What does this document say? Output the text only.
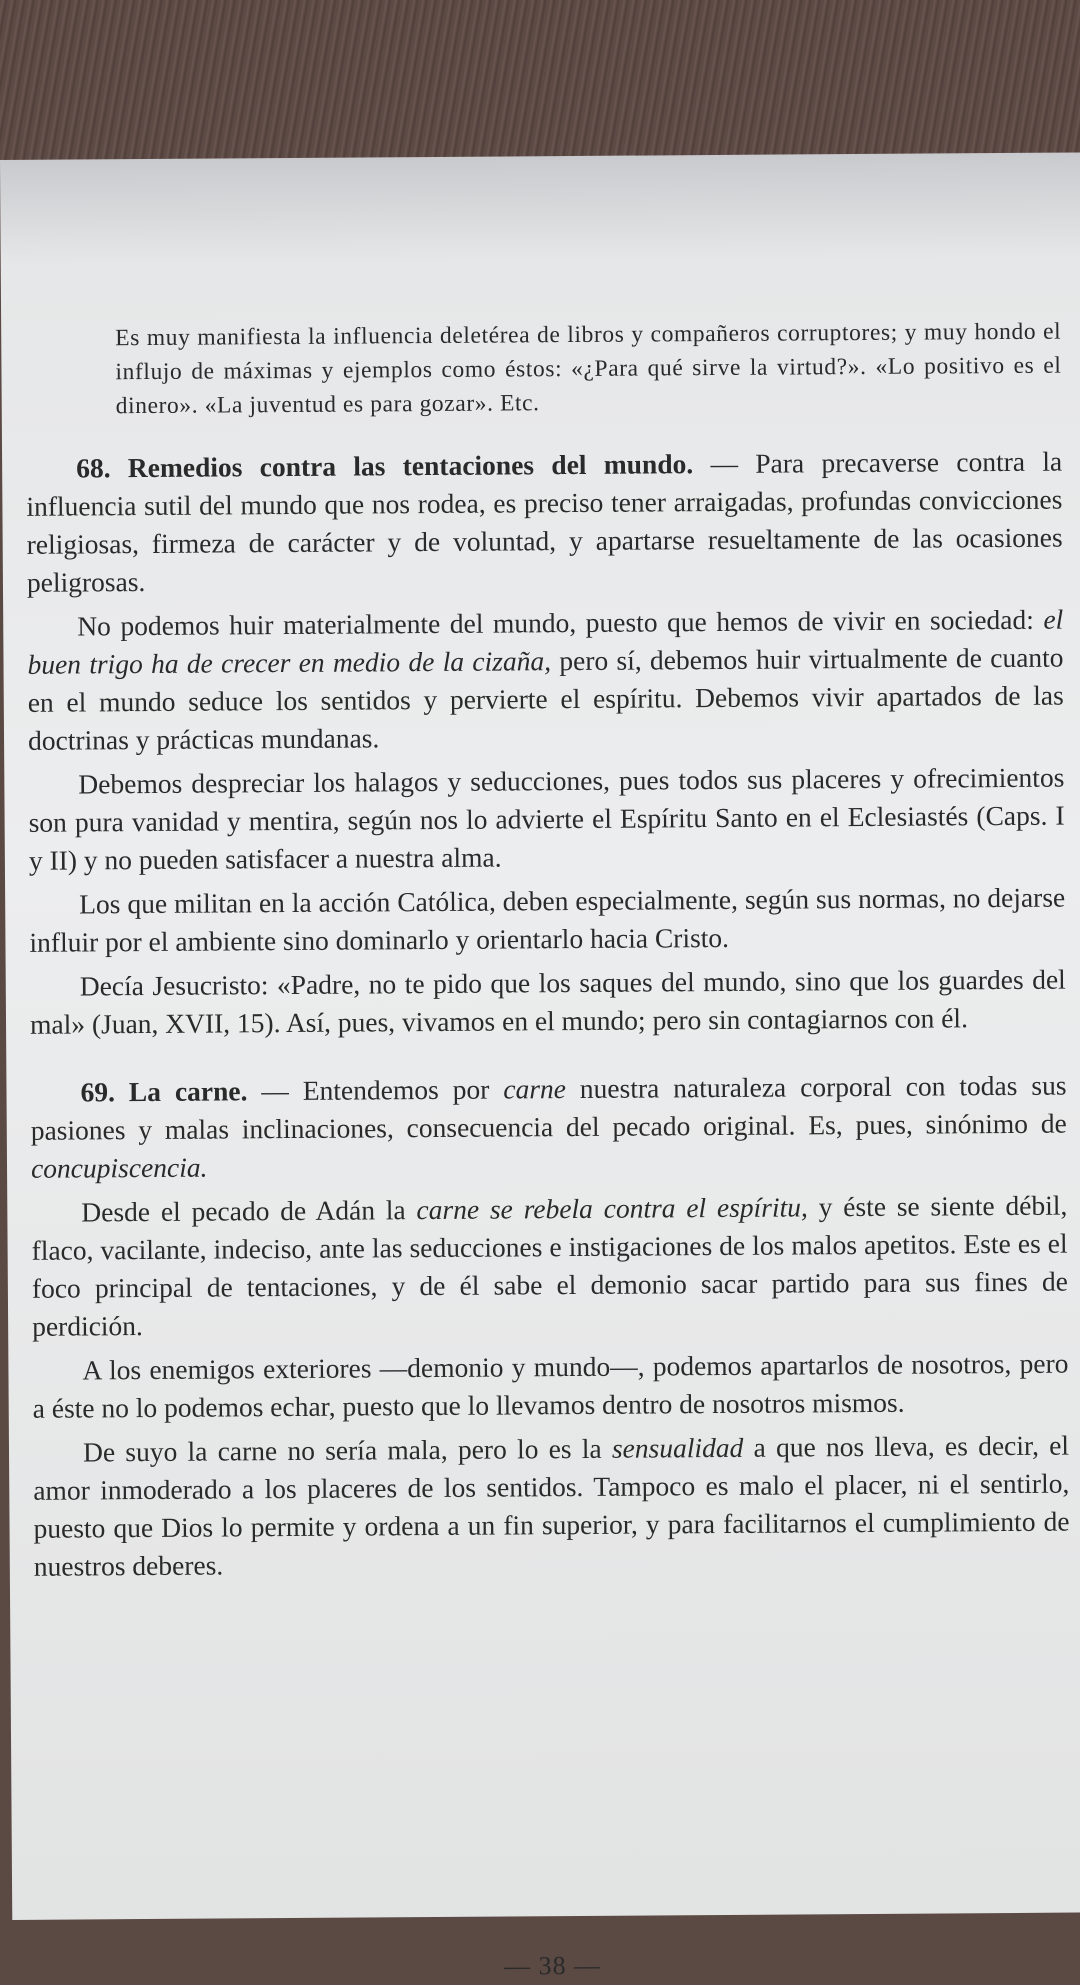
Es muy manifiesta la influencia deletérea de libros y compañeros corruptores; y muy hondo el influjo de máximas y ejemplos como éstos: «¿Para qué sirve la virtud?». «Lo positivo es el dinero». «La juventud es para gozar». Etc.

68. Remedios contra las tentaciones del mundo. — Para precaverse contra la influencia sutil del mundo que nos rodea, es preciso tener arraigadas, profundas convicciones religiosas, firmeza de carácter y de voluntad, y apartarse resueltamente de las ocasiones peligrosas.

No podemos huir materialmente del mundo, puesto que hemos de vivir en sociedad: el buen trigo ha de crecer en medio de la cizaña, pero sí, debemos huir virtualmente de cuanto en el mundo seduce los sentidos y pervierte el espíritu. Debemos vivir apartados de las doctrinas y prácticas mundanas.

Debemos despreciar los halagos y seducciones, pues todos sus placeres y ofrecimientos son pura vanidad y mentira, según nos lo advierte el Espíritu Santo en el Eclesiastés (Caps. I y II) y no pueden satisfacer a nuestra alma.

Los que militan en la acción Católica, deben especialmente, según sus normas, no dejarse influir por el ambiente sino dominarlo y orientarlo hacia Cristo.

Decía Jesucristo: «Padre, no te pido que los saques del mundo, sino que los guardes del mal» (Juan, XVII, 15). Así, pues, vivamos en el mundo; pero sin contagiarnos con él.

69. La carne. — Entendemos por carne nuestra naturaleza corporal con todas sus pasiones y malas inclinaciones, consecuencia del pecado original. Es, pues, sinónimo de concupiscencia.

Desde el pecado de Adán la carne se rebela contra el espíritu, y éste se siente débil, flaco, vacilante, indeciso, ante las seducciones e instigaciones de los malos apetitos. Este es el foco principal de tentaciones, y de él sabe el demonio sacar partido para sus fines de perdición.

A los enemigos exteriores —demonio y mundo—, podemos apartarlos de nosotros, pero a éste no lo podemos echar, puesto que lo llevamos dentro de nosotros mismos.

De suyo la carne no sería mala, pero lo es la sensualidad a que nos lleva, es decir, el amor inmoderado a los placeres de los sentidos. Tampoco es malo el placer, ni el sentirlo, puesto que Dios lo permite y ordena a un fin superior, y para facilitarnos el cumplimiento de nuestros deberes.

— 38 —
